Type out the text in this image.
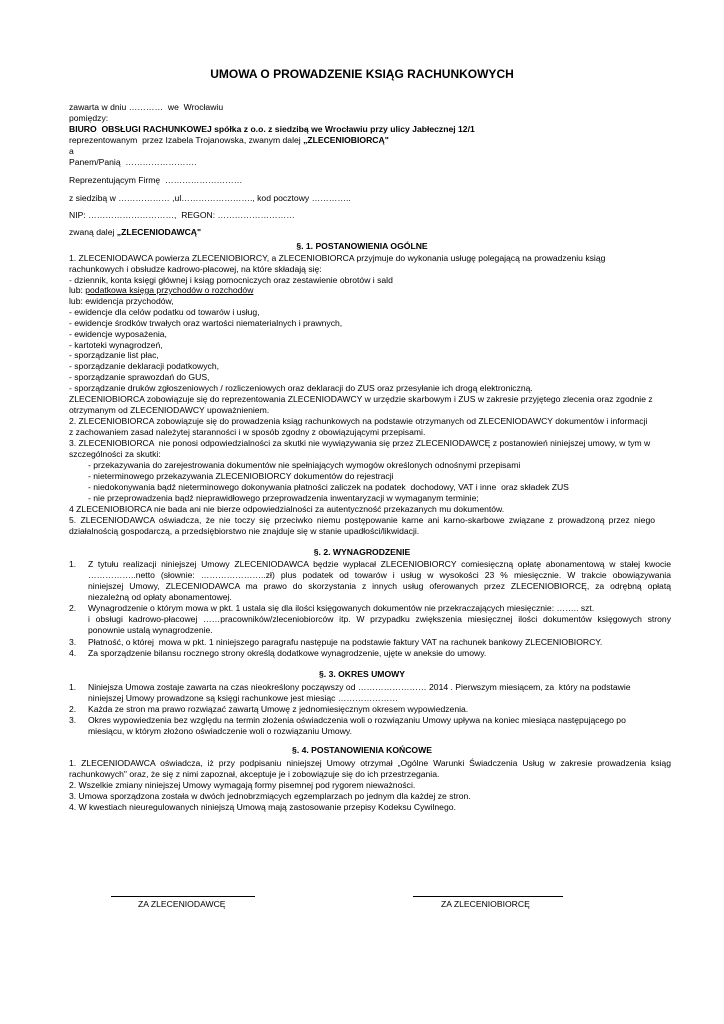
UMOWA O PROWADZENIE KSIĄG RACHUNKOWYCH
zawarta w dniu …………  we  Wrocławiu
pomiędzy:
BIURO  OBSŁUGI RACHUNKOWEJ spółka z o.o. z siedzibą we Wrocławiu przy ulicy Jabłecznej 12/1
reprezentowanym  przez Izabela Trojanowska, zwanym dalej „ZLECENIOBIORCĄ"
a
Panem/Panią  …………………….
Reprezentującym Firmę  ………………………
z siedzibą w ……………… ,ul……………………., kod pocztowy …………..
NIP: …………………………,  REGON: ………………………
zwaną dalej „ZLECENIODAWCĄ"
§. 1. POSTANOWIENIA OGÓLNE
1. ZLECENIODAWCA powierza ZLECENIOBIORCY, a ZLECENIOBIORCA przyjmuje do wykonania usługę polegającą na prowadzeniu ksiąg
rachunkowych i obsłudze kadrowo-płacowej, na które składają się:
- dziennik, konta księgi głównej i ksiąg pomocniczych oraz zestawienie obrotów i sald
lub: podatkowa księga przychodów o rozchodów
lub: ewidencja przychodów,
- ewidencje dla celów podatku od towarów i usług,
- ewidencje środków trwałych oraz wartości niematerialnych i prawnych,
- ewidencje wyposażenia,
- kartoteki wynagrodzeń,
- sporządzanie list płac,
- sporządzanie deklaracji podatkowych,
- sporządzanie sprawozdań do GUS,
- sporządzanie druków zgłoszeniowych / rozliczeniowych oraz deklaracji do ZUS oraz przesyłanie ich drogą elektroniczną.
ZLECENIOBIORCA zobowiązuje się do reprezentowania ZLECENIODAWCY w urzędzie skarbowym i ZUS w zakresie przyjętego zlecenia oraz zgodnie z
otrzymanym od ZLECENIODAWCY upoważnieniem.
2. ZLECENIOBIORCA zobowiązuje się do prowadzenia ksiąg rachunkowych na podstawie otrzymanych od ZLECENIODAWCY dokumentów i informacji
z zachowaniem zasad należytej staranności i w sposób zgodny z obowiązującymi przepisami.
3. ZLECENIOBIORCA  nie ponosi odpowiedzialności za skutki nie wywiązywania się przez ZLECENIODAWCĘ z postanowień niniejszej umowy, w tym w
szczególności za skutki:
- przekazywania do zarejestrowania dokumentów nie spełniających wymogów określonych odnośnymi przepisami
- nieterminowego przekazywania ZLECENIOBIORCY dokumentów do rejestracji
- niedokonywania bądź nieterminowego dokonywania płatności zaliczek na podatek  dochodowy, VAT i inne  oraz składek ZUS
- nie przeprowadzenia bądź nieprawidłowego przeprowadzenia inwentaryzacji w wymaganym terminie;
4 ZLECENIOBIORCA nie bada ani nie bierze odpowiedzialności za autentyczność przekazanych mu dokumentów.
5. ZLECENIODAWCA oświadcza, że nie toczy się przeciwko niemu postępowanie karne ani karno-skarbowe związane z prowadzoną przez niego
działalnością gospodarczą, a przedsiębiorstwo nie znajduje się w stanie upadłości/likwidacji.
§. 2. WYNAGRODZENIE
1. Z tytułu realizacji niniejszej Umowy ZLECENIODAWCA będzie wypłacał ZLECENIOBIORCY comiesięczną opłatę abonamentową w stałej kwocie
……………..netto (słownie: …………………..zł) plus podatek od towarów i usług w wysokości 23 % miesięcznie. W trakcie obowiązywania
niniejszej Umowy, ZLECENIODAWCA ma prawo do skorzystania z innych usług oferowanych przez ZLECENIOBIORCĘ, za odrębną opłatą
niezależną od opłaty abonamentowej.
2. Wynagrodzenie o którym mowa w pkt. 1 ustala się dla ilości księgowanych dokumentów nie przekraczających miesięcznie: …….. szt.
i obsługi kadrowo-płacowej ……pracowników/zleceniobiorców itp. W przypadku zwiększenia miesięcznej ilości dokumentów księgowych strony
ponownie ustalą wynagrodzenie.
3. Płatność, o której  mowa w pkt. 1 niniejszego paragrafu następuje na podstawie faktury VAT na rachunek bankowy ZLECENIOBIORCY.
4. Za sporządzenie bilansu rocznego strony określą dodatkowe wynagrodzenie, ujęte w aneksie do umowy.
§. 3. OKRES UMOWY
1. Niniejsza Umowa zostaje zawarta na czas nieokreślony począwszy od …………………… 2014 . Pierwszym miesiącem, za  który na podstawie
niniejszej Umowy prowadzone są księgi rachunkowe jest miesiąc …………………
2. Każda ze stron ma prawo rozwiązać zawartą Umowę z jednomiesięcznym okresem wypowiedzenia.
3. Okres wypowiedzenia bez względu na termin złożenia oświadczenia woli o rozwiązaniu Umowy upływa na koniec miesiąca następującego po
miesiącu, w którym złożono oświadczenie woli o rozwiązaniu Umowy.
§. 4. POSTANOWIENIA KOŃCOWE
1. ZLECENIODAWCA oświadcza, iż przy podpisaniu niniejszej Umowy otrzymał „Ogólne Warunki Świadczenia Usług w zakresie prowadzenia ksiąg
rachunkowych" oraz, że się z nimi zapoznał, akceptuje je i zobowiązuje się do ich przestrzegania.
2. Wszelkie zmiany niniejszej Umowy wymagają formy pisemnej pod rygorem nieważności.
3. Umowa sporządzona została w dwóch jednobrzmiących egzemplarzach po jednym dla każdej ze stron.
4. W kwestiach nieuregulowanych niniejszą Umową mają zastosowanie przepisy Kodeksu Cywilnego.
ZA ZLECENIODAWCĘ	ZA ZLECENIOBIORCĘ
